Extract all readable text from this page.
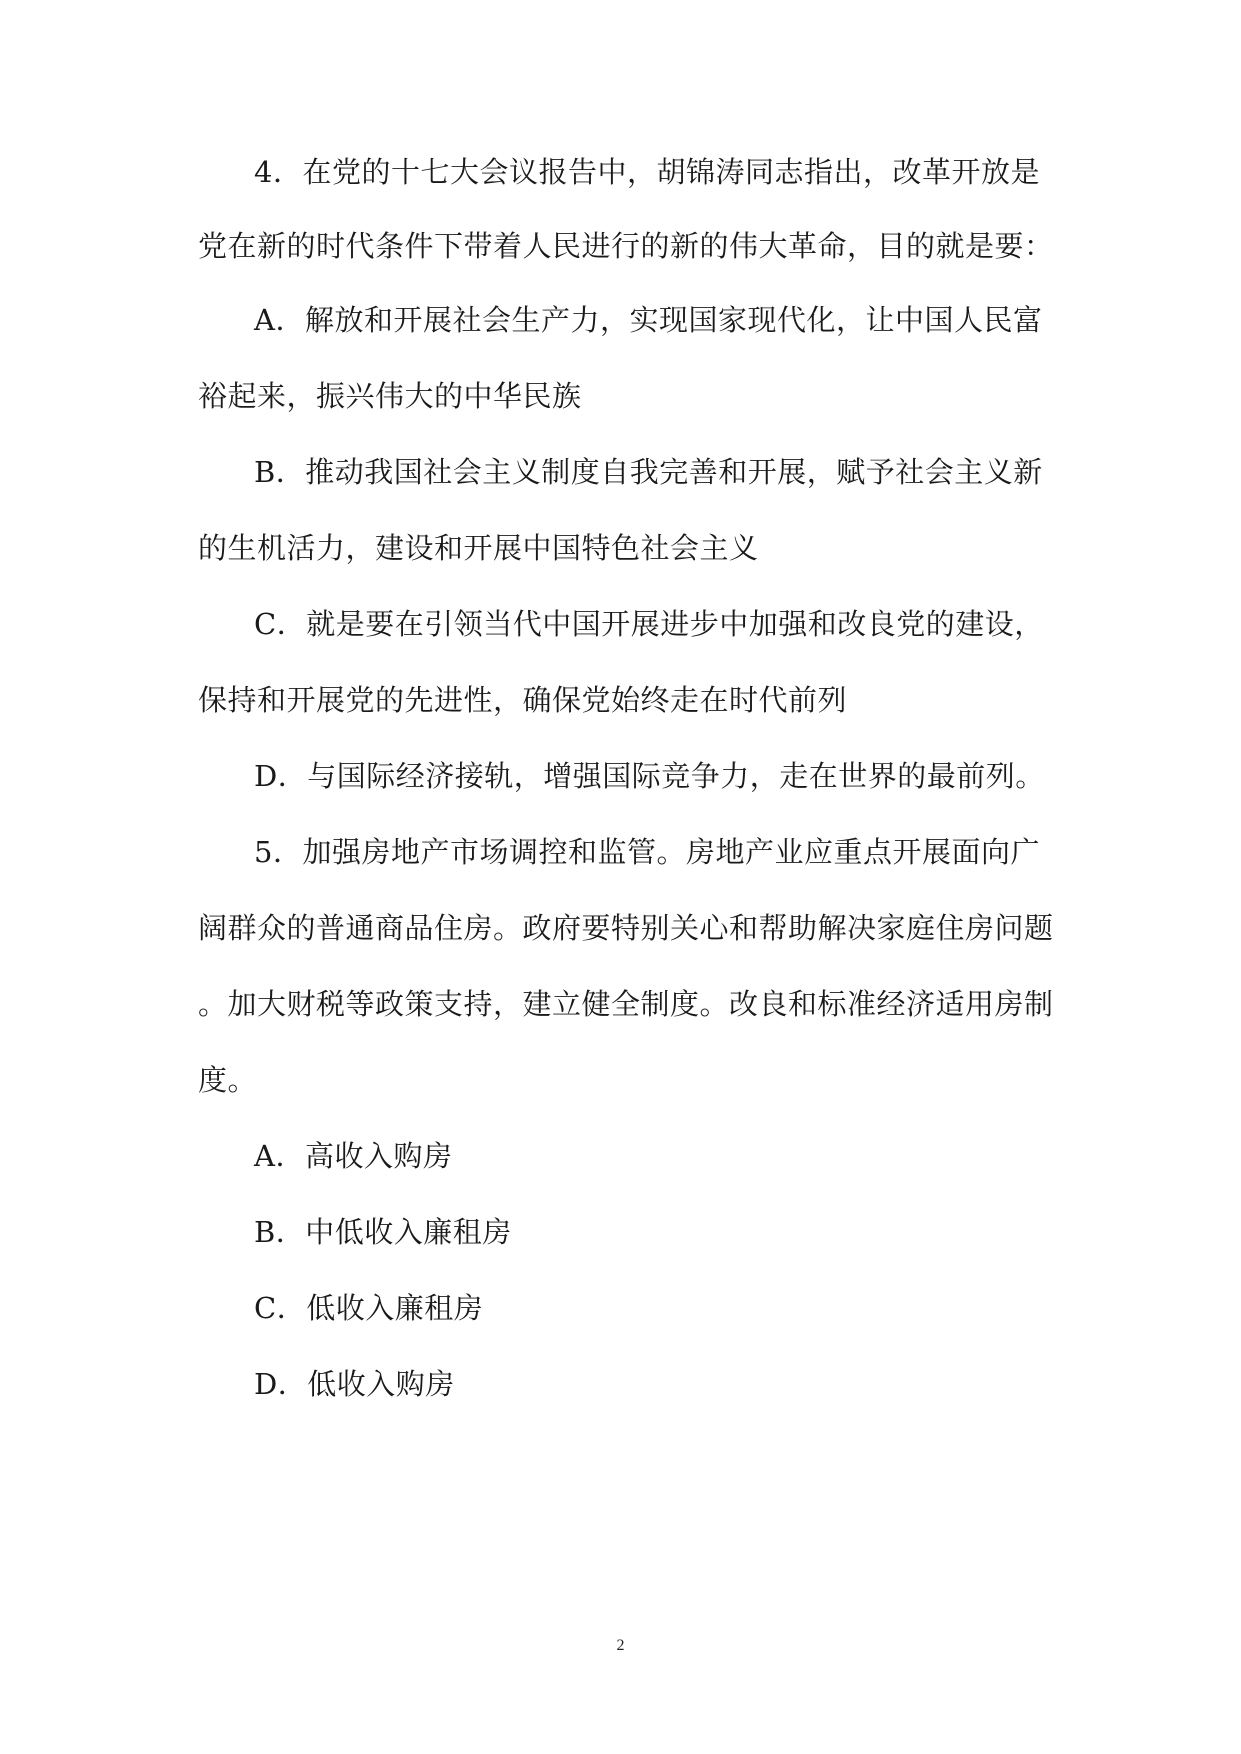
4．在党的十七大会议报告中，胡锦涛同志指出，改革开放是
党在新的时代条件下带着人民进行的新的伟大革命，目的就是要：
A．解放和开展社会生产力，实现国家现代化，让中国人民富
裕起来，振兴伟大的中华民族
B．推动我国社会主义制度自我完善和开展，赋予社会主义新
的生机活力，建设和开展中国特色社会主义
C．就是要在引领当代中国开展进步中加强和改良党的建设，
保持和开展党的先进性，确保党始终走在时代前列
D．与国际经济接轨，增强国际竞争力，走在世界的最前列。
5．加强房地产市场调控和监管。房地产业应重点开展面向广
阔群众的普通商品住房。政府要特别关心和帮助解决家庭住房问题
。加大财税等政策支持，建立健全制度。改良和标准经济适用房制
度。
A．高收入购房
B．中低收入廉租房
C．低收入廉租房
D．低收入购房
2
